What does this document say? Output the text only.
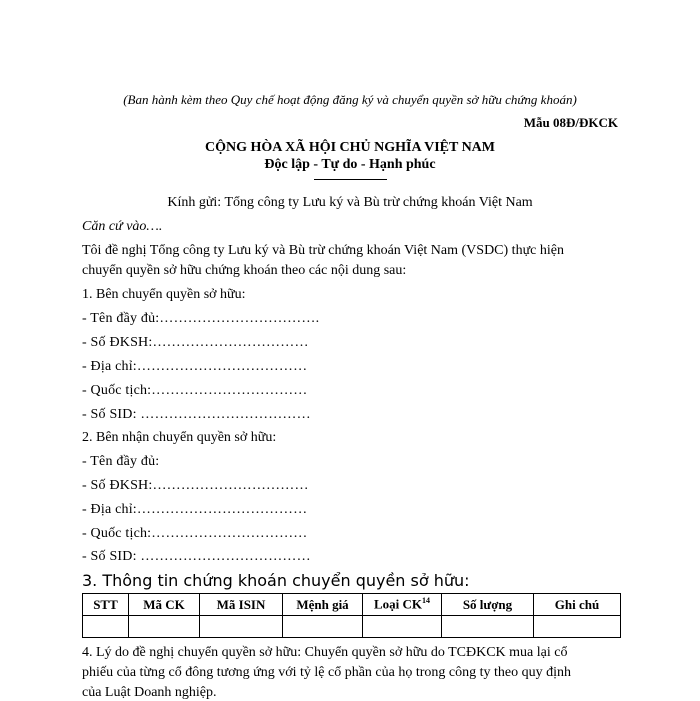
(Ban hành kèm theo Quy chế hoạt động đăng ký và chuyển quyền sở hữu chứng khoán)
Mẫu 08Đ/ĐKCK
CỘNG HÒA XÃ HỘI CHỦ NGHĨA VIỆT NAM
Độc lập - Tự do - Hạnh phúc
Kính gửi: Tổng công ty Lưu ký và Bù trừ chứng khoán Việt Nam
Căn cứ vào….
Tôi đề nghị Tổng công ty Lưu ký và Bù trừ chứng khoán Việt Nam (VSDC) thực hiện
chuyển quyền sở hữu chứng khoán theo các nội dung sau:
1. Bên chuyển quyền sở hữu:
- Tên đầy đủ:…………………………….
- Số ĐKSH:……………………………
- Địa chỉ:………………………………
- Quốc tịch:……………………………
- Số SID: ………………………………
2. Bên nhận chuyển quyền sở hữu:
- Tên đầy đủ:
- Số ĐKSH:……………………………
- Địa chỉ:………………………………
- Quốc tịch:……………………………
- Số SID: ………………………………
3. Thông tin chứng khoán chuyển quyền sở hữu:
STT	Mã CK	Mã ISIN	Mệnh giá	Loại CK$^{14}$	Số lượng	Ghi chú

4. Lý do đề nghị chuyển quyền sở hữu: Chuyển quyền sở hữu do TCĐKCK mua lại cổ
phiếu của từng cổ đông tương ứng với tỷ lệ cổ phần của họ trong công ty theo quy định
của Luật Doanh nghiệp.
